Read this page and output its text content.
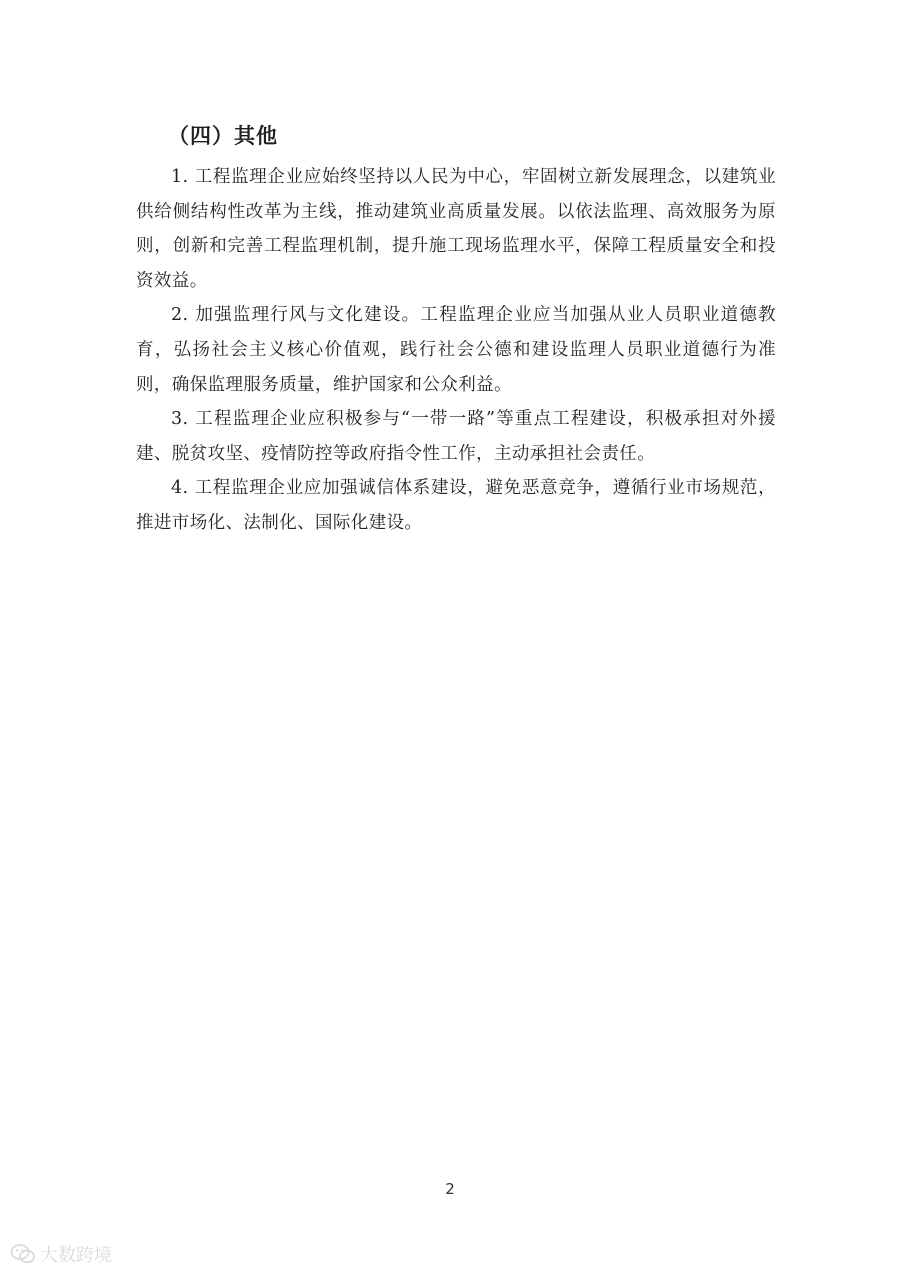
（四）其他

1. 工程监理企业应始终坚持以人民为中心，牢固树立新发展理念，以建筑业供给侧结构性改革为主线，推动建筑业高质量发展。以依法监理、高效服务为原则，创新和完善工程监理机制，提升施工现场监理水平，保障工程质量安全和投资效益。

2. 加强监理行风与文化建设。工程监理企业应当加强从业人员职业道德教育，弘扬社会主义核心价值观，践行社会公德和建设监理人员职业道德行为准则，确保监理服务质量，维护国家和公众利益。

3. 工程监理企业应积极参与“一带一路”等重点工程建设，积极承担对外援建、脱贫攻坚、疫情防控等政府指令性工作，主动承担社会责任。

4. 工程监理企业应加强诚信体系建设，避免恶意竞争，遵循行业市场规范，推进市场化、法制化、国际化建设。

2
大数跨境
